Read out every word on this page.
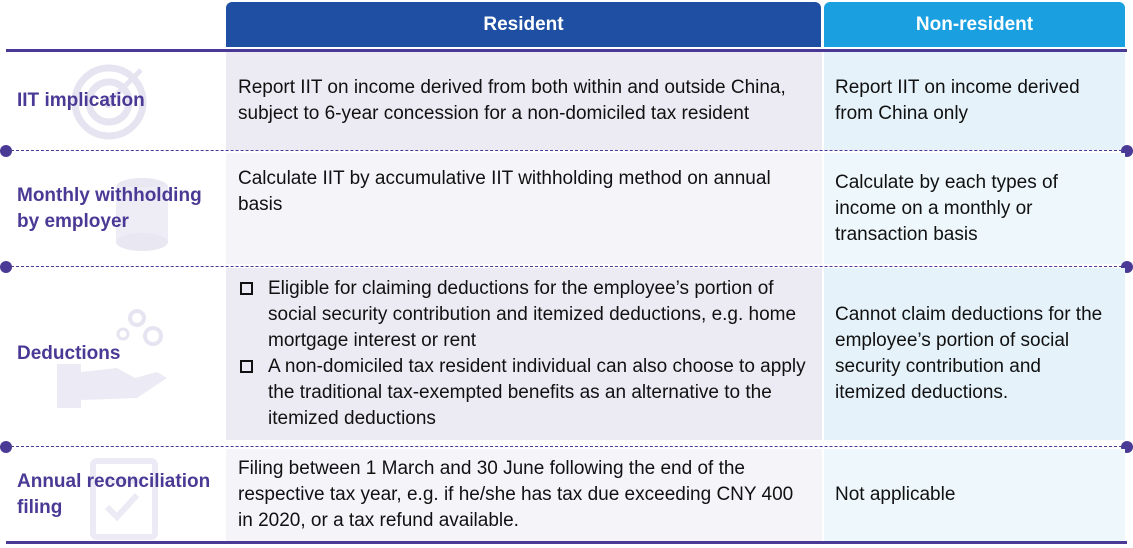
Resident	Non-resident
IIT implication
Report IIT on income derived from both within and outside China, subject to 6-year concession for a non-domiciled tax resident
Report IIT on income derived from China only
Monthly withholding by employer
Calculate IIT by accumulative IIT withholding method on annual basis
Calculate by each types of income on a monthly or transaction basis
Deductions
Eligible for claiming deductions for the employee’s portion of social security contribution and itemized deductions, e.g. home mortgage interest or rent
A non-domiciled tax resident individual can also choose to apply the traditional tax-exempted benefits as an alternative to the itemized deductions
Cannot claim deductions for the employee’s portion of social security contribution and itemized deductions.
Annual reconciliation filing
Filing between 1 March and 30 June following the end of the respective tax year, e.g. if he/she has tax due exceeding CNY 400 in 2020, or a tax refund available.
Not applicable
